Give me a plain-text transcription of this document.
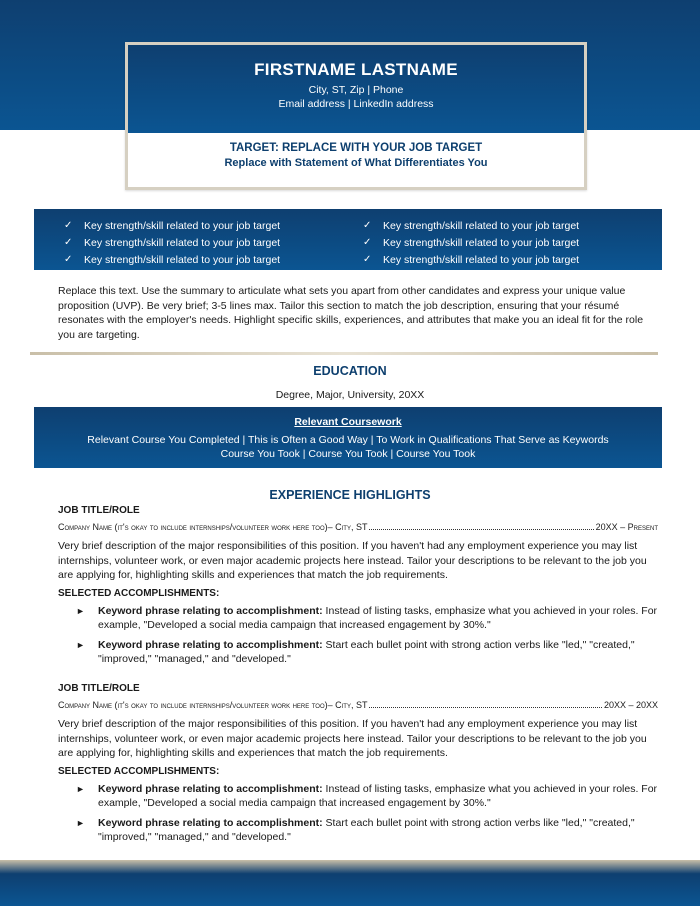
FIRSTNAME LASTNAME
City, ST, Zip | Phone
Email address | LinkedIn address
TARGET: REPLACE WITH YOUR JOB TARGET
Replace with Statement of What Differentiates You
✓	Key strength/skill related to your job target
✓	Key strength/skill related to your job target
✓	Key strength/skill related to your job target
✓	Key strength/skill related to your job target
✓	Key strength/skill related to your job target
✓	Key strength/skill related to your job target
Replace this text. Use the summary to articulate what sets you apart from other candidates and express your unique value proposition (UVP). Be very brief; 3-5 lines max. Tailor this section to match the job description, ensuring that your résumé resonates with the employer's needs. Highlight specific skills, experiences, and attributes that make you an ideal fit for the role you are targeting.
EDUCATION
Degree, Major, University, 20XX
Relevant Coursework
Relevant Course You Completed | This is Often a Good Way | To Work in Qualifications That Serve as Keywords
Course You Took | Course You Took | Course You Took
EXPERIENCE HIGHLIGHTS
JOB TITLE/ROLE
Company Name (it's okay to include internships/volunteer work here too)– City, ST	20XX – Present
Very brief description of the major responsibilities of this position. If you haven't had any employment experience you may list internships, volunteer work, or even major academic projects here instead. Tailor your descriptions to be relevant to the job you are applying for, highlighting skills and experiences that match the job requirements.
SELECTED ACCOMPLISHMENTS:
►	Keyword phrase relating to accomplishment: Instead of listing tasks, emphasize what you achieved in your roles. For example, "Developed a social media campaign that increased engagement by 30%."
►	Keyword phrase relating to accomplishment: Start each bullet point with strong action verbs like "led," "created," "improved," "managed," and "developed."
JOB TITLE/ROLE
Company Name (it's okay to include internships/volunteer work here too)– City, ST	20XX – 20XX
Very brief description of the major responsibilities of this position. If you haven't had any employment experience you may list internships, volunteer work, or even major academic projects here instead. Tailor your descriptions to be relevant to the job you are applying for, highlighting skills and experiences that match the job requirements.
SELECTED ACCOMPLISHMENTS:
►	Keyword phrase relating to accomplishment: Instead of listing tasks, emphasize what you achieved in your roles. For example, "Developed a social media campaign that increased engagement by 30%."
►	Keyword phrase relating to accomplishment: Start each bullet point with strong action verbs like "led," "created," "improved," "managed," and "developed."
